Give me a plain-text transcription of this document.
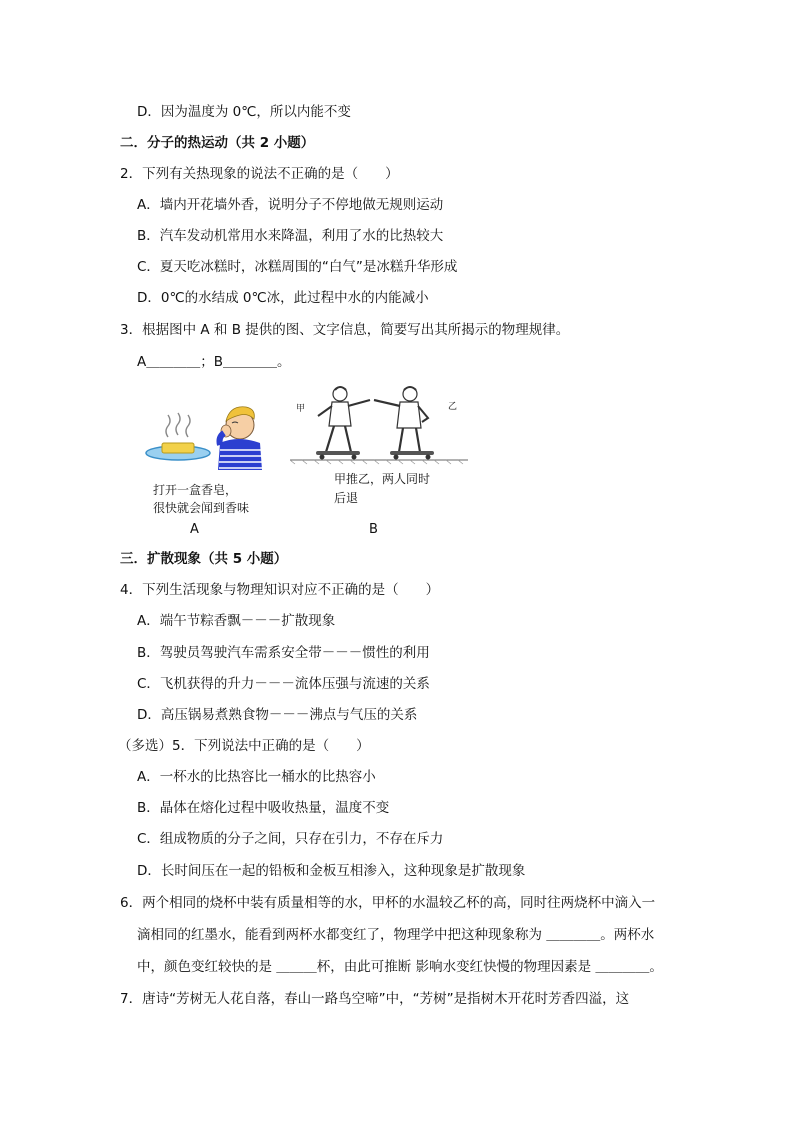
D．因为温度为 0℃，所以内能不变
二．分子的热运动（共 2 小题）
2．下列有关热现象的说法不正确的是（　　）
A．墙内开花墙外香，说明分子不停地做无规则运动
B．汽车发动机常用水来降温，利用了水的比热较大
C．夏天吃冰糕时，冰糕周围的“白气”是冰糕升华形成
D．0℃的水结成 0℃冰，此过程中水的内能减小
3．根据图中 A 和 B 提供的图、文字信息，简要写出其所揭示的物理规律。
A＿＿＿＿；B＿＿＿＿。
甲	乙
打开一盒香皂，
很快就会闻到香味
A
甲推乙，两人同时
后退
B
三．扩散现象（共 5 小题）
4．下列生活现象与物理知识对应不正确的是（　　）
A．端午节粽香飘－－－扩散现象
B．驾驶员驾驶汽车需系安全带－－－惯性的利用
C．飞机获得的升力－－－流体压强与流速的关系
D．高压锅易煮熟食物－－－沸点与气压的关系
（多选）5．下列说法中正确的是（　　）
A．一杯水的比热容比一桶水的比热容小
B．晶体在熔化过程中吸收热量，温度不变
C．组成物质的分子之间，只存在引力，不存在斥力
D．长时间压在一起的铅板和金板互相渗入，这种现象是扩散现象
6．两个相同的烧杯中装有质量相等的水，甲杯的水温较乙杯的高，同时往两烧杯中滴入一
滴相同的红墨水，能看到两杯水都变红了，物理学中把这种现象称为 ＿＿＿＿。两杯水
中，颜色变红较快的是 ＿＿＿杯，由此可推断 影响水变红快慢的物理因素是 ＿＿＿＿。
7．唐诗“芳树无人花自落，春山一路鸟空啼”中，“芳树”是指树木开花时芳香四溢，这
